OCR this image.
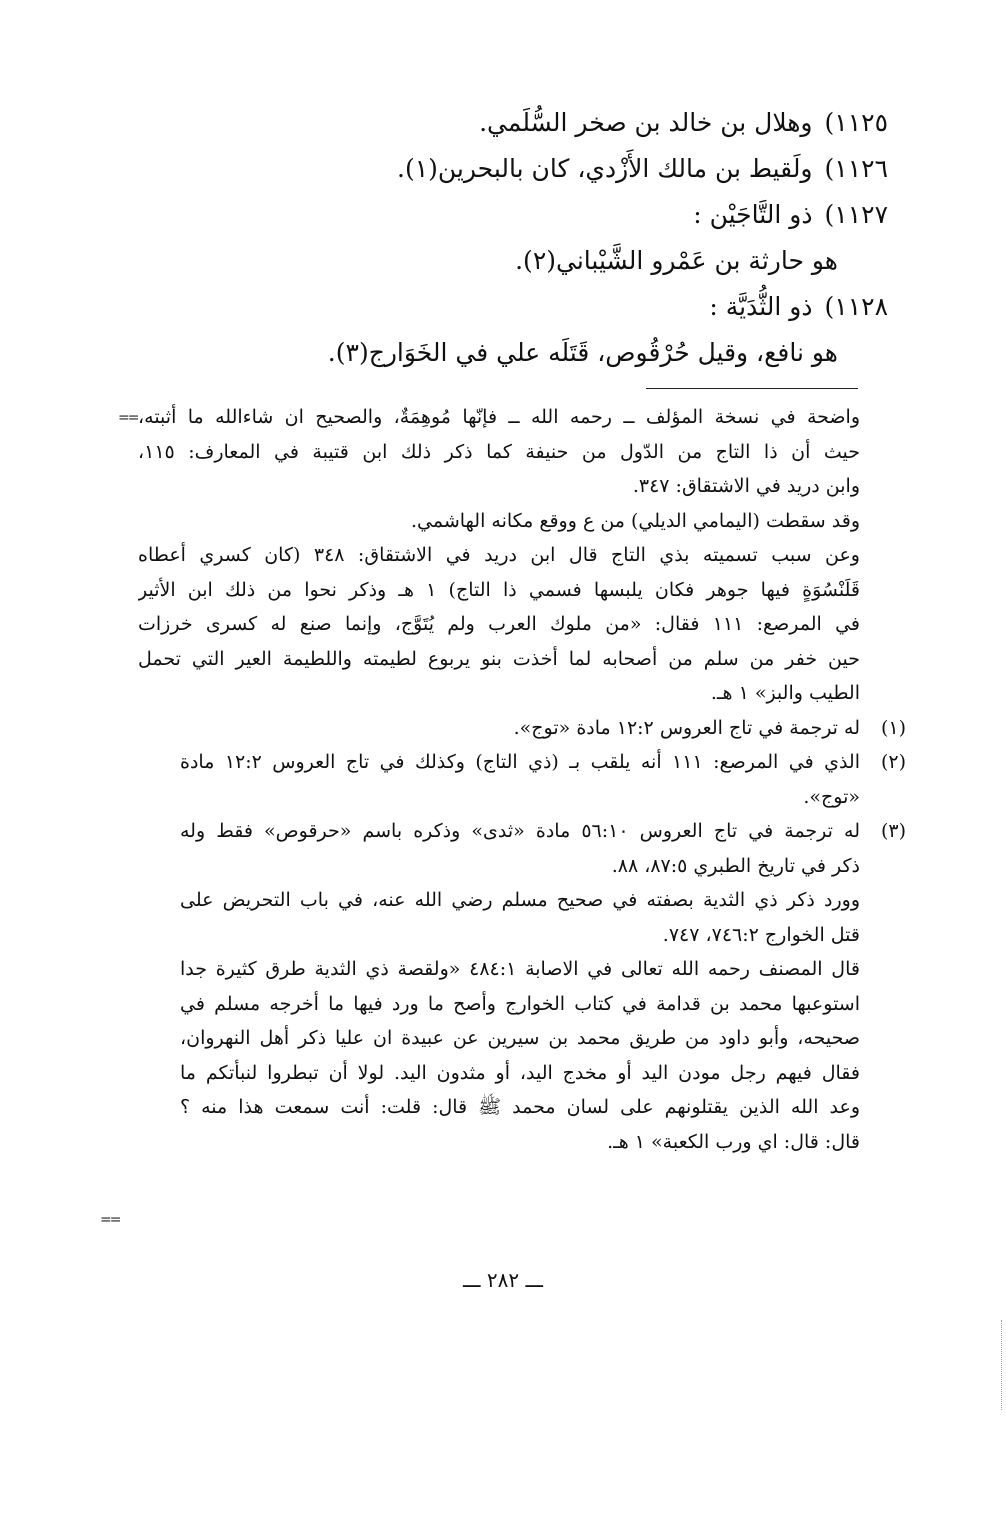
١١٢٥)وهلال بن خالد بن صخر السُّلَمي.
١١٢٦)ولَقيط بن مالك الأَزْدي، كان بالبحرين(١).
١١٢٧)ذو التَّاجَيْن :
هو حارثة بن عَمْرو الشَّيْباني(٢).
١١٢٨)ذو الثُّدَيَّة :
هو نافع، وقيل حُرْقُوص، قَتَلَه علي في الخَوَارج(٣).
== واضحة في نسخة المؤلف ــ رحمه الله ــ فإنّها مُوهِمَةٌ، والصحيح ان شاءالله ما أثبته،
حيث أن ذا التاج من الدّول من حنيفة كما ذكر ذلك ابن قتيبة في المعارف: ١١٥،
وابن دريد في الاشتقاق: ٣٤٧.
وقد سقطت (اليمامي الديلي) من ع ووقع مكانه الهاشمي.
وعن سبب تسميته بذي التاج قال ابن دريد في الاشتقاق: ٣٤٨ (كان كسري أعطاه
قَلَنْسُوَةٍ فيها جوهر فكان يلبسها فسمي ذا التاج) ١ هـ وذكر نحوا من ذلك ابن الأثير
في المرصع: ١١١ فقال: «من ملوك العرب ولم يُتَوَّج، وإنما صنع له كسرى خرزات
حين خفر من سلم من أصحابه لما أخذت بنو يربوع لطيمته واللطيمة العير التي تحمل
الطيب والبز» ١ هـ.
(١)
له ترجمة في تاج العروس ١٢:٢ مادة «توج».
(٢)
الذي في المرصع: ١١١ أنه يلقب بـ (ذي التاج) وكذلك في تاج العروس ١٢:٢ مادة
«توج».
(٣)
له ترجمة في تاج العروس ٥٦:١٠ مادة «ثدى» وذكره باسم «حرقوص» فقط وله
ذكر في تاريخ الطبري ٨٧:٥، ٨٨.
وورد ذكر ذي الثدية بصفته في صحيح مسلم رضي الله عنه، في باب التحريض على
قتل الخوارج ٧٤٦:٢، ٧٤٧.
قال المصنف رحمه الله تعالى في الاصابة ٤٨٤:١ «ولقصة ذي الثدية طرق كثيرة جدا
استوعبها محمد بن قدامة في كتاب الخوارج وأصح ما ورد فيها ما أخرجه مسلم في
صحيحه، وأبو داود من طريق محمد بن سيرين عن عبيدة ان عليا ذكر أهل النهروان،
فقال فيهم رجل مودن اليد أو مخدج اليد، أو مثدون اليد. لولا أن تبطروا لنبأتكم ما
وعد الله الذين يقتلونهم على لسان محمد ﷺ قال: قلت: أنت سمعت هذا منه ؟
قال: قال: اي ورب الكعبة» ١ هـ.
==
ـــ ٢٨٢ ـــ
